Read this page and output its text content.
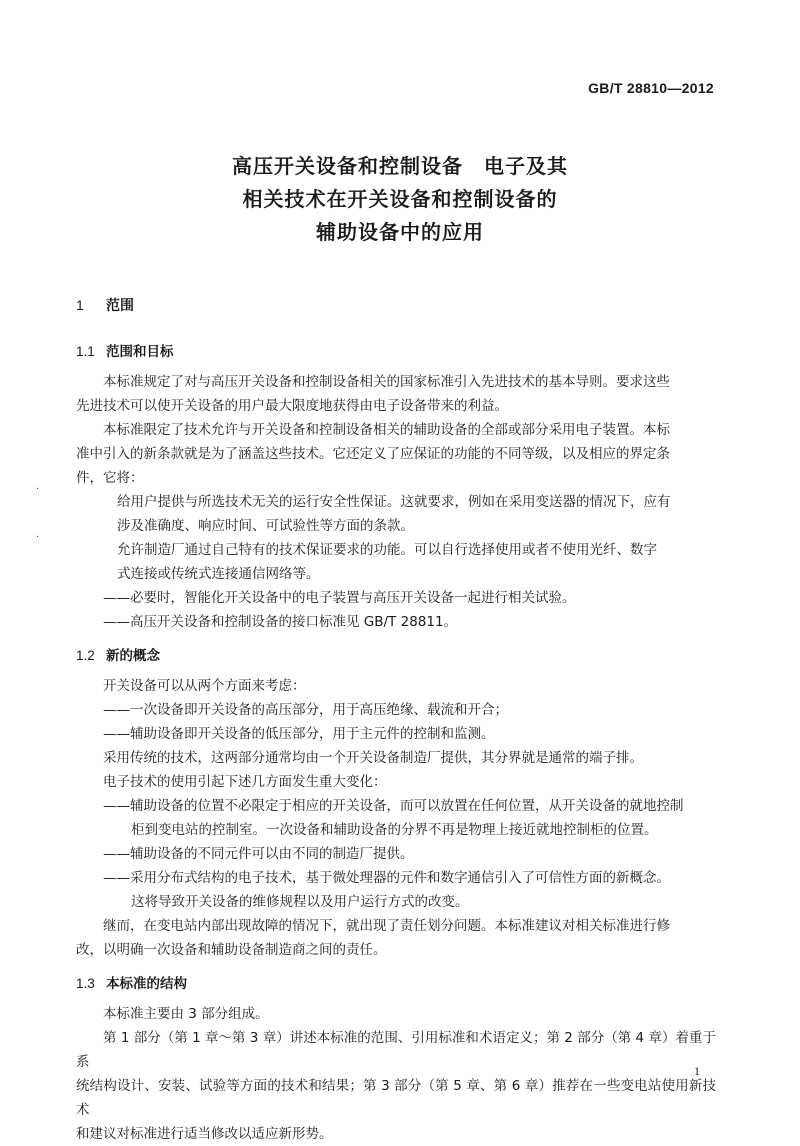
GB/T 28810—2012
高压开关设备和控制设备　电子及其
相关技术在开关设备和控制设备的
辅助设备中的应用
1 范围
1.1 范围和目标

本标准规定了对与高压开关设备和控制设备相关的国家标准引入先进技术的基本导则。要求这些

先进技术可以使开关设备的用户最大限度地获得由电子设备带来的利益。

本标准限定了技术允许与开关设备和控制设备相关的辅助设备的全部或部分采用电子装置。本标

准中引入的新条款就是为了涵盖这些技术。它还定义了应保证的功能的不同等级，以及相应的界定条

件，它将：

给用户提供与所选技术无关的运行安全性保证。这就要求，例如在采用变送器的情况下，应有

涉及准确度、响应时间、可试验性等方面的条款。

允许制造厂通过自己特有的技术保证要求的功能。可以自行选择使用或者不使用光纤、数字

式连接或传统式连接通信网络等。

——必要时，智能化开关设备中的电子装置与高压开关设备一起进行相关试验。

——高压开关设备和控制设备的接口标准见 GB/T 28811。

1.2 新的概念

开关设备可以从两个方面来考虑：

——一次设备即开关设备的高压部分，用于高压绝缘、载流和开合；

——辅助设备即开关设备的低压部分，用于主元件的控制和监测。

采用传统的技术，这两部分通常均由一个开关设备制造厂提供，其分界就是通常的端子排。

电子技术的使用引起下述几方面发生重大变化：

——辅助设备的位置不必限定于相应的开关设备，而可以放置在任何位置，从开关设备的就地控制

柜到变电站的控制室。一次设备和辅助设备的分界不再是物理上接近就地控制柜的位置。

——辅助设备的不同元件可以由不同的制造厂提供。

——采用分布式结构的电子技术，基于微处理器的元件和数字通信引入了可信性方面的新概念。

这将导致开关设备的维修规程以及用户运行方式的改变。

继而，在变电站内部出现故障的情况下，就出现了责任划分问题。本标准建议对相关标准进行修

改，以明确一次设备和辅助设备制造商之间的责任。

1.3 本标准的结构

本标准主要由 3 部分组成。

第 1 部分（第 1 章～第 3 章）讲述本标准的范围、引用标准和术语定义；第 2 部分（第 4 章）着重于系

统结构设计、安装、试验等方面的技术和结果；第 3 部分（第 5 章、第 6 章）推荐在一些变电站使用新技术

和建议对标准进行适当修改以适应新形势。

·
·
1
